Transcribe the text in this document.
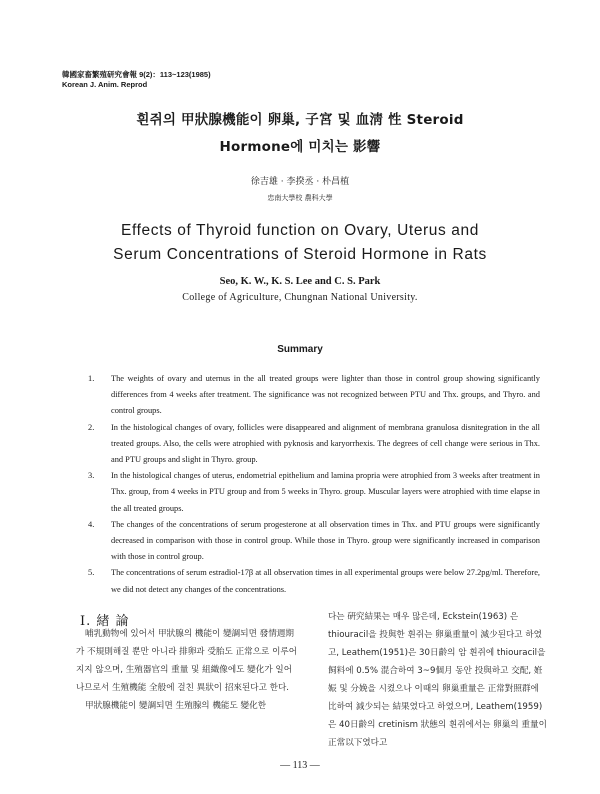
韓國家畜繁殖研究會報 9(2)：113~123(1985)
Korean J. Anim. Reprod
흰쥐의 甲狀腺機能이 卵巢, 子宮 및 血淸 性 Steroid
Hormone에 미치는 影響
徐吉雄 · 李揆丞 · 朴昌植
忠南大學校 農科大學
Effects of Thyroid function on Ovary, Uterus and
Serum Concentrations of Steroid Hormone in Rats
Seo, K. W., K. S. Lee and C. S. Park
College of Agriculture, Chungnan National University.
Summary
1. The weights of ovary and uternus in the all treated groups were lighter than those in control group showing significantly differences from 4 weeks after treatment. The significance was not recognized between PTU and Thx. groups, and Thyro. and control groups.
2. In the histological changes of ovary, follicles were disappeared and alignment of membrana granulosa disnitegration in the all treated groups. Also, the cells were atrophied with pyknosis and karyorrhexis. The degrees of cell change were serious in Thx. and PTU groups and slight in Thyro. group.
3. In the histological changes of uterus, endometrial epithelium and lamina propria were atrophied from 3 weeks after treatment in Thx. group, from 4 weeks in PTU group and from 5 weeks in Thyro. group. Muscular layers were atrophied with time elapse in the all treated groups.
4. The changes of the concentrations of serum progesterone at all observation times in Thx. and PTU groups were significantly decreased in comparison with those in control group. While those in Thyro. group were significantly increased in comparison with those in control group.
5. The concentrations of serum estradiol-17β at all observation times in all experimental groups were below 27.2pg/ml. Therefore, we did not detect any changes of the concentrations.
Ⅰ. 緖 論

哺乳動物에 있어서 甲狀腺의 機能이 變調되면 發情週期가 不規則해질 뿐만 아니라 排卵과 受胎도 正常으로 이루어지지 않으며, 生殖器官의 重量 및 組織像에도 變化가 일어나므로서 生殖機能 全般에 걸친 異狀이 招來된다고 한다.

甲狀腺機能이 變調되면 生殖腺의 機能도 變化한

다는 硏究結果는 매우 많은데, Eckstein(1963) 은 thiouracil을 投與한 흰쥐는 卵巢重量이 減少된다고 하였고, Leathem(1951)은 30日齡의 암 흰쥐에 thiouracil을 飼料에 0.5% 混合하여 3~9個月 동안 投與하고 交配, 姙娠 및 分娩을 시켰으나 이때의 卵巢重量은 正常對照群에 比하여 減少되는 結果였다고 하였으며, Leathem(1959)은 40日齡의 cretinism 狀態의 흰쥐에서는 卵巢의 重量이 正常以下였다고

— 113 —
